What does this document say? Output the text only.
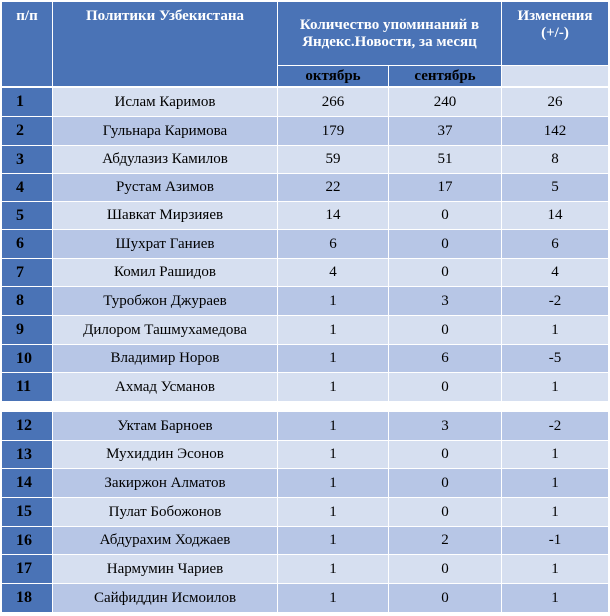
п/п	Политики Узбекистана
Количество упоминаний в Яндекс.Новости, за месяц
Изменения (+/-)
октябрь	сентябрь
1	Ислам Каримов	266	240	26
2	Гульнара Каримова	179	37	142
3	Абдулазиз Камилов	59	51	8
4	Рустам Азимов	22	17	5
5	Шавкат Мирзияев	14	0	14
6	Шухрат Ганиев	6	0	6
7	Комил Рашидов	4	0	4
8	Туробжон Джураев	1	3	-2
9	Дилором Ташмухамедова	1	0	1
10	Владимир Норов	1	6	-5
11	Ахмад Усманов	1	0	1
12	Уктам Барноев	1	3	-2
13	Мухиддин Эсонов	1	0	1
14	Закиржон Алматов	1	0	1
15	Пулат Бобожонов	1	0	1
16	Абдурахим Ходжаев	1	2	-1
17	Нармумин Чариев	1	0	1
18	Сайфиддин Исмоилов	1	0	1
